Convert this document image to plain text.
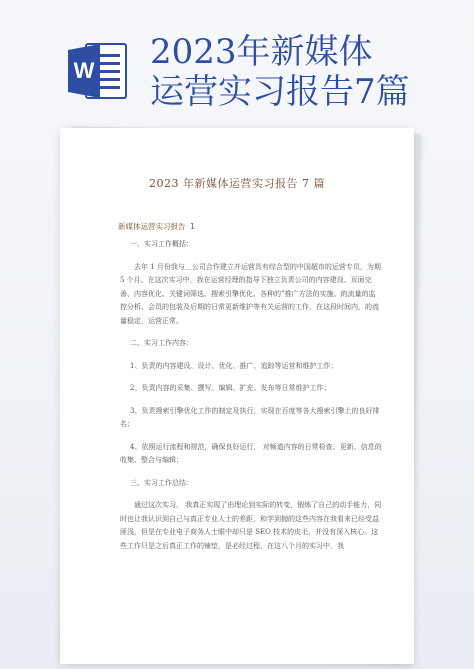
W 2023年新媒体
运营实习报告7篇
2023 年新媒体运营实习报告 7 篇
新媒体运营实习报告 1

一、实习工作概括：

去年 1 月份我与＿公司合作建立并运营具有综合型的中国超市的运营专员，为期 5 个月。在这次实习中，我在运营经理的指导下独立负责公司的内容建设、页面完善、内容优化、关键词筛选、搜索引擎优化、各种的”推广方法的实施、的流量的监控分析、会员的包装及后期的日常更新维护等有关运营的工作，在这段时间内，的流量稳定，运营正常。

二、实习工作内容：

1、负责的内容建设、设计、优化、推广、追踪等运营和维护工作；

2、负责内容的采集、撰写、编辑、扩充、发布等日常维护工作；

3、负责搜索引擎优化工作的制定及执行，实现在百度等各大搜索引擎上的良好排名；

4、依照运行流程和规范，确保良好运行， 对频道内容的日常检查、更新、信息的收集、整合与编辑；

三、实习工作总结：

通过这次实习， 我真正实现了由理论到实际的转变，锻炼了自己的动手能力，同时也让我认识到自己与真正专业人士的差距，和学到抛的这些内容在我看来已经受益匪浅，但是在专业电子商务人士眼中却只是 SEO 技术的皮毛，并没有深入核心。这些工作只是之后真正工作的铺垫，是必经过程，在这八个月的实习中，我
